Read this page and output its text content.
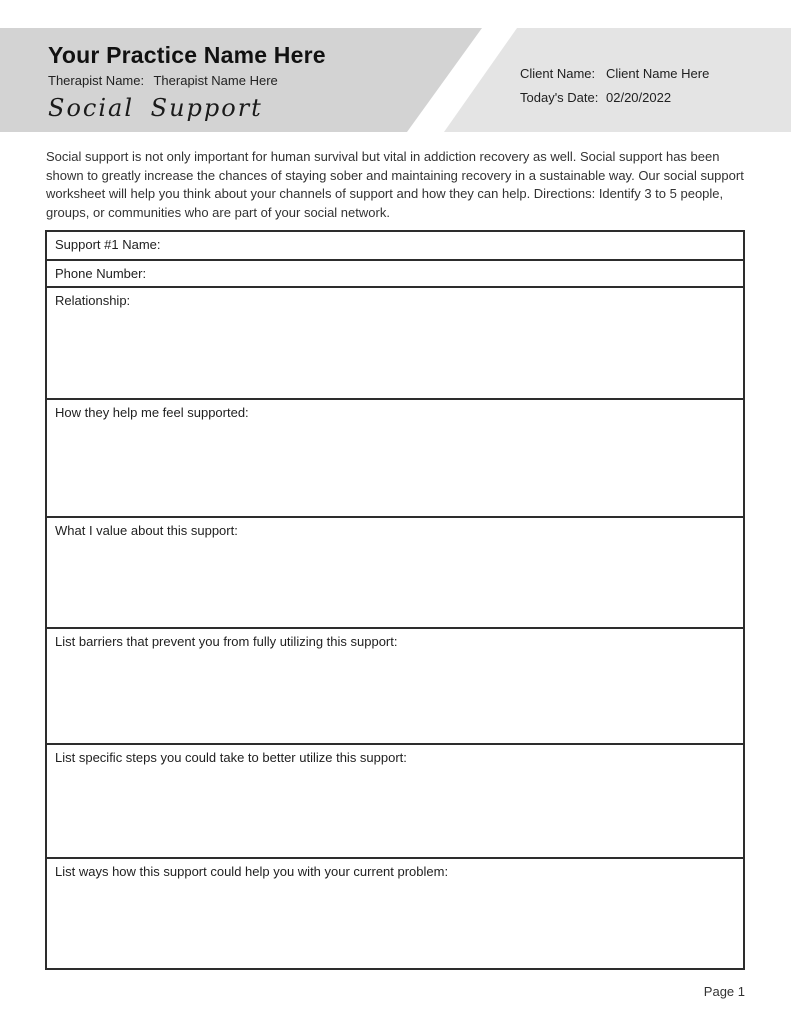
Your Practice Name Here
Therapist Name: Therapist Name Here
Social Support
Client Name: Client Name Here
Today's Date: 02/20/2022

Social support is not only important for human survival but vital in addiction recovery as well. Social support has been shown to greatly increase the chances of staying sober and maintaining recovery in a sustainable way. Our social support worksheet will help you think about your channels of support and how they can help. Directions: Identify 3 to 5 people, groups, or communities who are part of your social network.

Support #1 Name:
Phone Number:
Relationship:
How they help me feel supported:
What I value about this support:
List barriers that prevent you from fully utilizing this support:
List specific steps you could take to better utilize this support:
List ways how this support could help you with your current problem:
Page 1
